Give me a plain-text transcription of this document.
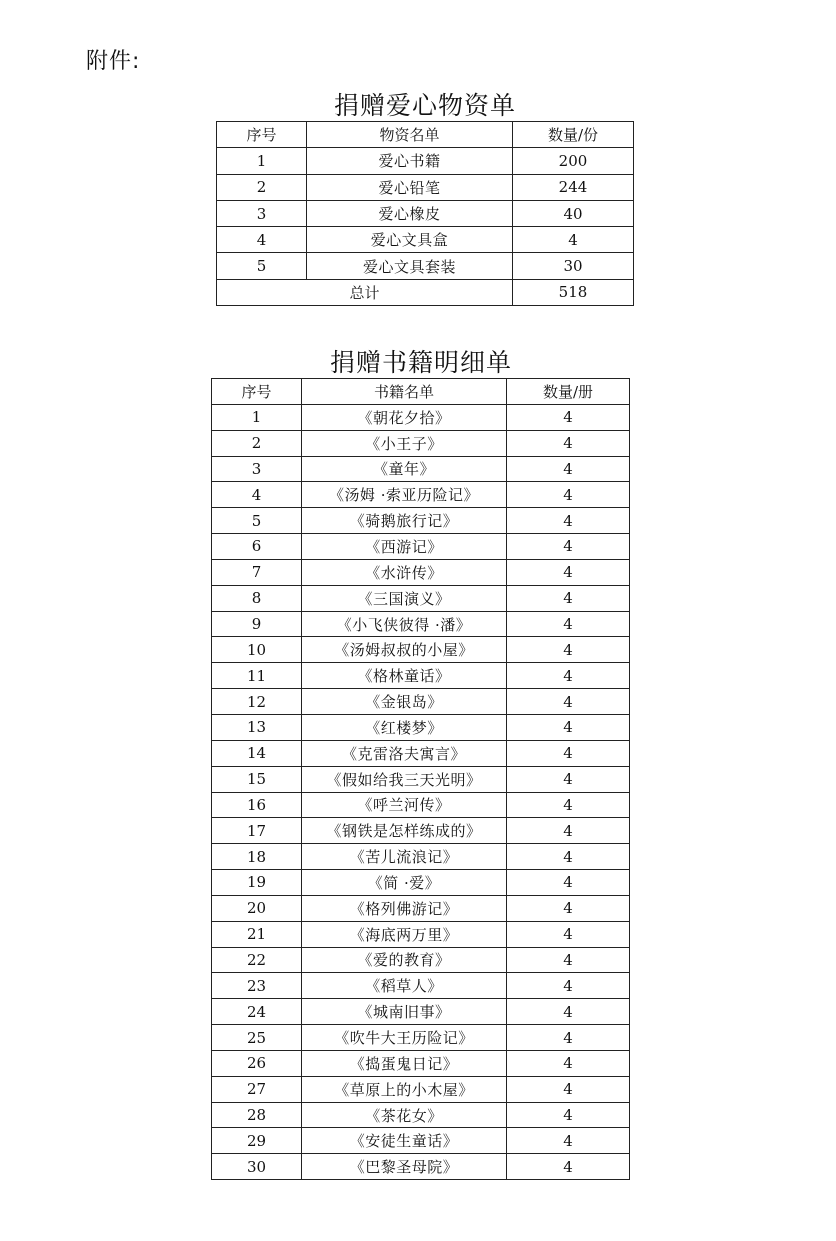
附件:
捐赠爱心物资单
序号	物资名单	数量/份
1	爱心书籍	200
2	爱心铅笔	244
3	爱心橡皮	40
4	爱心文具盒	4
5	爱心文具套装	30
总计		518
捐赠书籍明细单
序号	书籍名单	数量/册
1	《朝花夕拾》	4
2	《小王子》	4
3	《童年》	4
4	《汤姆 ·索亚历险记》	4
5	《骑鹅旅行记》	4
6	《西游记》	4
7	《水浒传》	4
8	《三国演义》	4
9	《小飞侠彼得 ·潘》	4
10	《汤姆叔叔的小屋》	4
11	《格林童话》	4
12	《金银岛》	4
13	《红楼梦》	4
14	《克雷洛夫寓言》	4
15	《假如给我三天光明》	4
16	《呼兰河传》	4
17	《钢铁是怎样练成的》	4
18	《苦儿流浪记》	4
19	《简 ·爱》	4
20	《格列佛游记》	4
21	《海底两万里》	4
22	《爱的教育》	4
23	《稻草人》	4
24	《城南旧事》	4
25	《吹牛大王历险记》	4
26	《捣蛋鬼日记》	4
27	《草原上的小木屋》	4
28	《茶花女》	4
29	《安徒生童话》	4
30	《巴黎圣母院》	4
